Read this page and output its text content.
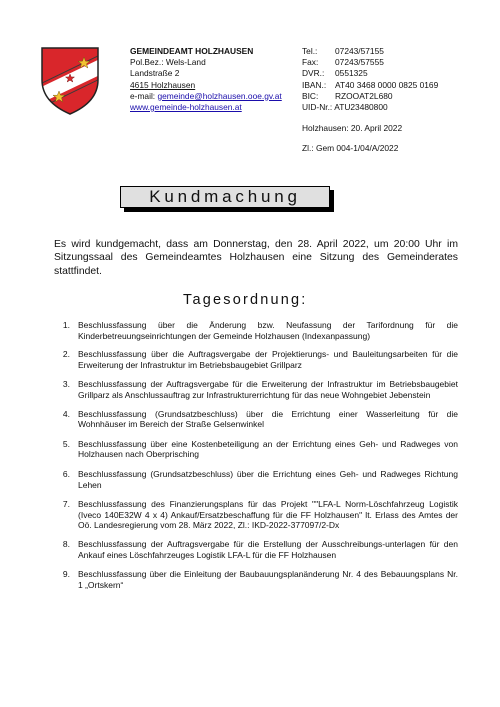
GEMEINDEAMT HOLZHAUSEN
Pol.Bez.: Wels-Land
Landstraße 2
4615 Holzhausen
e-mail: gemeinde@holzhausen.ooe.gv.at
www.gemeinde-holzhausen.at
Tel.:	07243/57155
Fax:	07243/57555
DVR.:	0551325
IBAN.:	AT40 3468 0000 0825 0169
BIC:	RZOOAT2L680
UID-Nr.: ATU23480800
Holzhausen: 20. April 2022
Zl.: Gem 004-1/04/A/2022
Kundmachung
Es wird kundgemacht, dass am Donnerstag, den 28. April 2022, um 20:00 Uhr im Sitzungssaal des Gemeindeamtes Holzhausen eine Sitzung des Gemeinderates stattfindet.
Tagesordnung:
1. Beschlussfassung über die Änderung bzw. Neufassung der Tarifordnung für die Kinderbetreuungseinrichtungen der Gemeinde Holzhausen (Indexanpassung)
2. Beschlussfassung über die Auftragsvergabe der Projektierungs- und Bauleitungsarbeiten für die Erweiterung der Infrastruktur im Betriebsbaugebiet Grillparz
3. Beschlussfassung der Auftragsvergabe für die Erweiterung der Infrastruktur im Betriebsbaugebiet Grillparz als Anschlussauftrag zur Infrastrukturerrichtung für das neue Wohngebiet Jebenstein
4. Beschlussfassung (Grundsatzbeschluss) über die Errichtung einer Wasserleitung für die Wohnhäuser im Bereich der Straße Gelsenwinkel
5. Beschlussfassung über eine Kostenbeteiligung an der Errichtung eines Geh- und Radweges von Holzhausen nach Oberprisching
6. Beschlussfassung (Grundsatzbeschluss) über die Errichtung eines Geh- und Radweges Richtung Lehen
7. Beschlussfassung des Finanzierungsplans für das Projekt ""LFA-L Norm-Löschfahrzeug Logistik (Iveco 140E32W 4 x 4) Ankauf/Ersatzbeschaffung für die FF Holzhausen" lt. Erlass des Amtes der Oö. Landesregierung vom 28. März 2022, Zl.: IKD-2022-377097/2-Dx
8. Beschlussfassung der Auftragsvergabe für die Erstellung der Ausschreibungs-unterlagen für den Ankauf eines Löschfahrzeuges Logistik LFA-L für die FF Holzhausen
9. Beschlussfassung über die Einleitung der Baubauungsplanänderung Nr. 4 des Bebauungsplans Nr. 1 „Ortskern“
